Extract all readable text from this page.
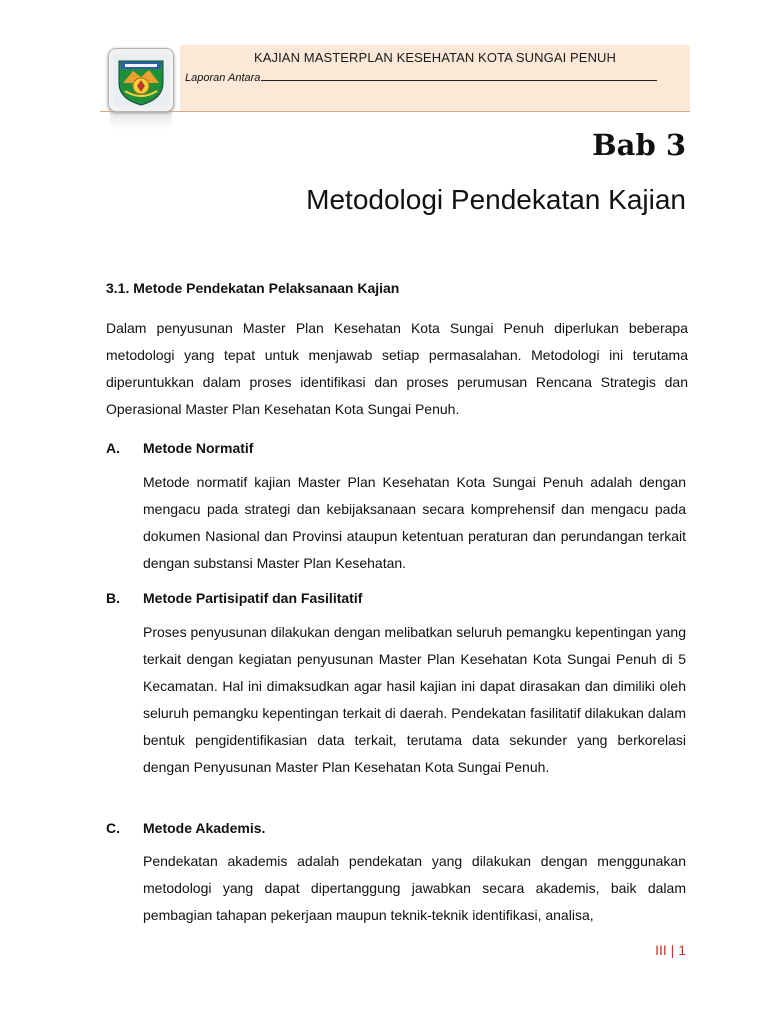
KAJIAN MASTERPLAN KESEHATAN KOTA SUNGAI PENUH
Laporan Antara
Bab 3
Metodologi Pendekatan Kajian
3.1. Metode Pendekatan Pelaksanaan Kajian
Dalam penyusunan Master Plan Kesehatan Kota Sungai Penuh diperlukan beberapa metodologi yang tepat untuk menjawab setiap permasalahan. Metodologi ini terutama diperuntukkan dalam proses identifikasi dan proses perumusan Rencana Strategis dan Operasional Master Plan Kesehatan Kota Sungai Penuh.
A. Metode Normatif
Metode normatif kajian Master Plan Kesehatan Kota Sungai Penuh adalah dengan mengacu pada strategi dan kebijaksanaan secara komprehensif dan mengacu pada dokumen Nasional dan Provinsi ataupun ketentuan peraturan dan perundangan terkait dengan substansi Master Plan Kesehatan.
B. Metode Partisipatif dan Fasilitatif
Proses penyusunan dilakukan dengan melibatkan seluruh pemangku kepentingan yang terkait dengan kegiatan penyusunan Master Plan Kesehatan Kota Sungai Penuh di 5 Kecamatan. Hal ini dimaksudkan agar hasil kajian ini dapat dirasakan dan dimiliki oleh seluruh pemangku kepentingan terkait di daerah. Pendekatan fasilitatif dilakukan dalam bentuk pengidentifikasian data terkait, terutama data sekunder yang berkorelasi dengan Penyusunan Master Plan Kesehatan Kota Sungai Penuh.
C. Metode Akademis.
Pendekatan akademis adalah pendekatan yang dilakukan dengan menggunakan metodologi yang dapat dipertanggung jawabkan secara akademis, baik dalam pembagian tahapan pekerjaan maupun teknik-teknik identifikasi, analisa,
III | 1
